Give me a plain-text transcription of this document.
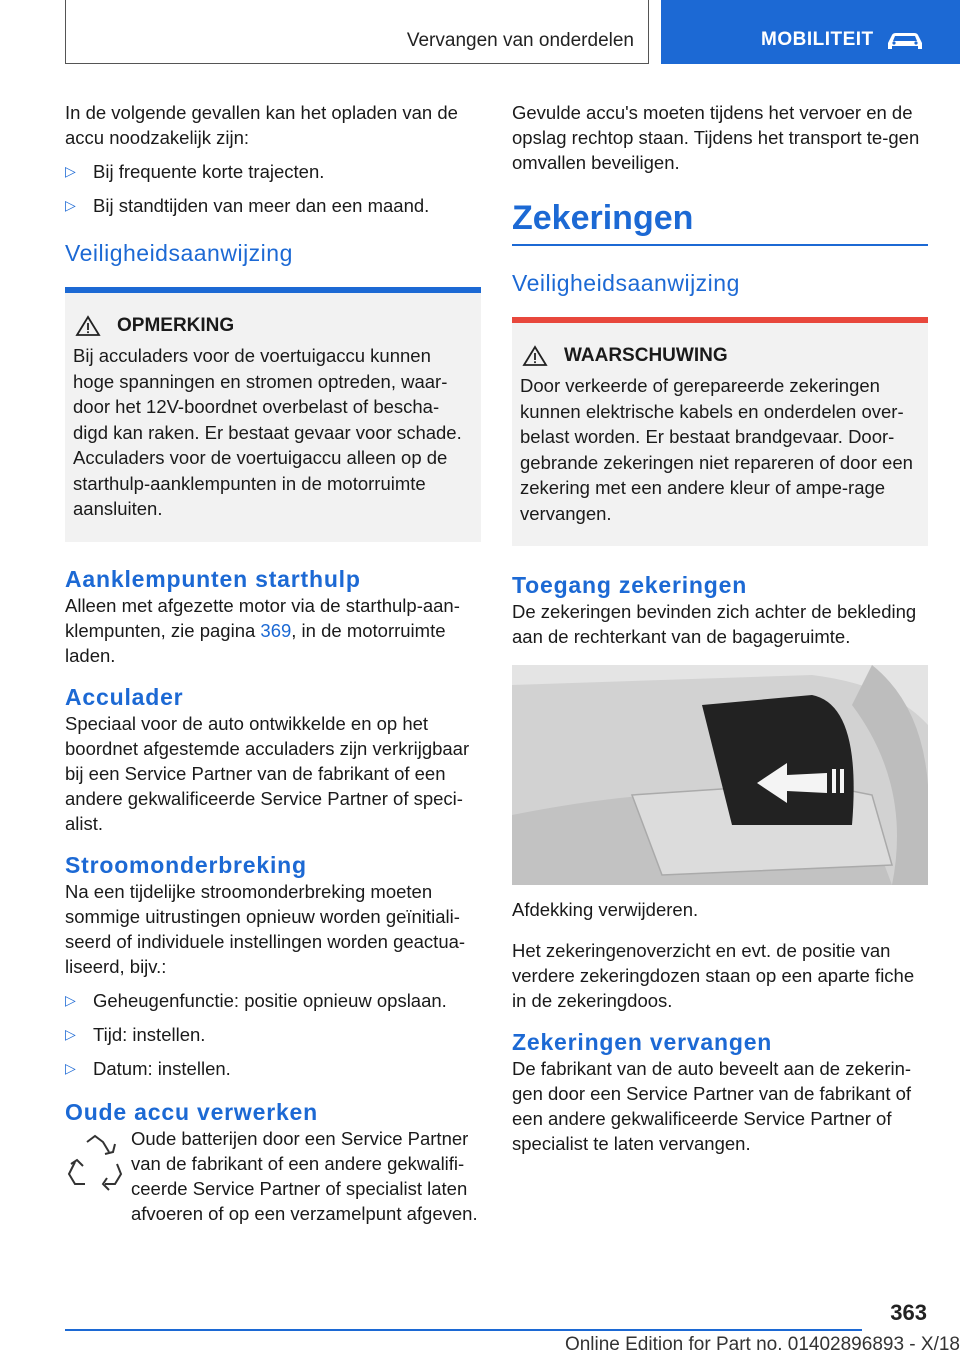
Vervangen van onderdelen	MOBILITEIT

In de volgende gevallen kan het opladen van de accu noodzakelijk zijn:

▷ Bij frequente korte trajecten.
▷ Bij standtijden van meer dan een maand.
Veiligheidsaanwijzing
OPMERKING

Bij acculaders voor de voertuigaccu kunnen hoge spanningen en stromen optreden, waar-door het 12V-boordnet overbelast of bescha-digd kan raken. Er bestaat gevaar voor schade. Acculaders voor de voertuigaccu alleen op de starthulp-aanklempunten in de motorruimte aansluiten.

Aanklempunten starthulp

Alleen met afgezette motor via de starthulp-aan-klempunten, zie pagina 369, in de motorruimte laden.

Acculader

Speciaal voor de auto ontwikkelde en op het boordnet afgestemde acculaders zijn verkrijgbaar bij een Service Partner van de fabrikant of een andere gekwalificeerde Service Partner of speci-alist.

Stroomonderbreking

Na een tijdelijke stroomonderbreking moeten sommige uitrustingen opnieuw worden geïnitiali-seerd of individuele instellingen worden geactua-liseerd, bijv.:

▷ Geheugenfunctie: positie opnieuw opslaan.
▷ Tijd: instellen.
▷ Datum: instellen.
Oude accu verwerken

Oude batterijen door een Service Partner van de fabrikant of een andere gekwalifi-ceerde Service Partner of specialist laten afvoeren of op een verzamelpunt afgeven.

Gevulde accu's moeten tijdens het vervoer en de opslag rechtop staan. Tijdens het transport te-gen omvallen beveiligen.

Zekeringen
Veiligheidsaanwijzing
WAARSCHUWING

Door verkeerde of gerepareerde zekeringen kunnen elektrische kabels en onderdelen over-belast worden. Er bestaat brandgevaar. Door-gebrande zekeringen niet repareren of door een zekering met een andere kleur of ampe-rage vervangen.

Toegang zekeringen

De zekeringen bevinden zich achter de bekleding aan de rechterkant van de bagageruimte.

Afdekking verwijderen.

Het zekeringenoverzicht en evt. de positie van verdere zekeringdozen staan op een aparte fiche in de zekeringdoos.

Zekeringen vervangen

De fabrikant van de auto beveelt aan de zekerin-gen door een Service Partner van de fabrikant of een andere gekwalificeerde Service Partner of specialist te laten vervangen.

363
Online Edition for Part no. 01402896893 - X/18
